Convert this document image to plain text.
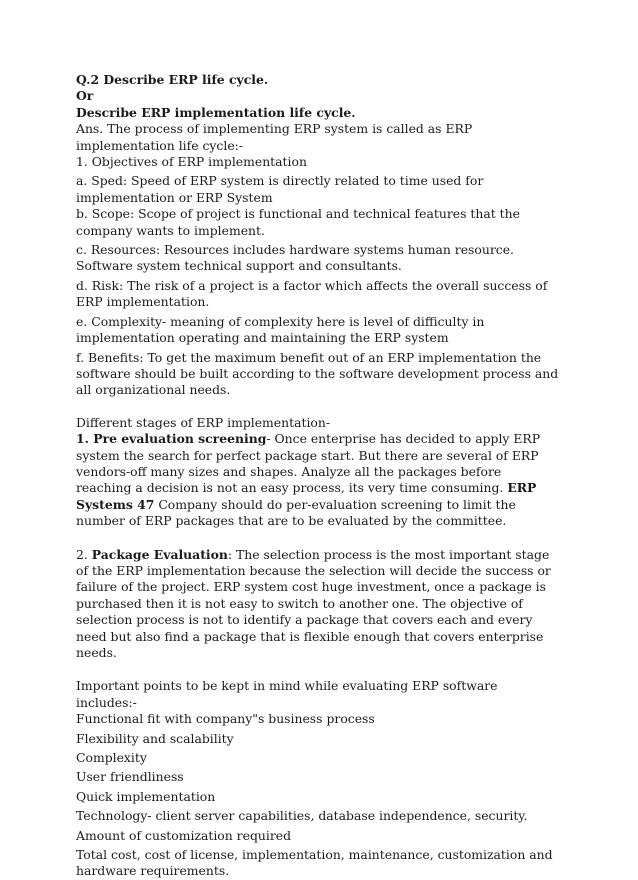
Q.2 Describe ERP life cycle.

Or

Describe ERP implementation life cycle.

Ans. The process of implementing ERP system is called as ERP implementation life cycle:-

1. Objectives of ERP implementation

a. Sped: Speed of ERP system is directly related to time used for implementation or ERP System

b. Scope: Scope of project is functional and technical features that the company wants to implement.

c. Resources: Resources includes hardware systems human resource. Software system technical support and consultants.

d. Risk: The risk of a project is a factor which affects the overall success of ERP implementation.

e. Complexity- meaning of complexity here is level of difficulty in implementation operating and maintaining the ERP system

f. Benefits: To get the maximum benefit out of an ERP implementation the software should be built according to the software development process and all organizational needs.

Different stages of ERP implementation-

1. Pre evaluation screening- Once enterprise has decided to apply ERP system the search for perfect package start. But there are several of ERP vendors-off many sizes and shapes. Analyze all the packages before reaching a decision is not an easy process, its very time consuming. ERP Systems 47 Company should do per-evaluation screening to limit the number of ERP packages that are to be evaluated by the committee.

2. Package Evaluation: The selection process is the most important stage of the ERP implementation because the selection will decide the success or failure of the project. ERP system cost huge investment, once a package is purchased then it is not easy to switch to another one. The objective of selection process is not to identify a package that covers each and every need but also find a package that is flexible enough that covers enterprise needs.

Important points to be kept in mind while evaluating ERP software includes:-

Functional fit with company"s business process

Flexibility and scalability

Complexity

User friendliness

Quick implementation

Technology- client server capabilities, database independence, security.

Amount of customization required

Total cost, cost of license, implementation, maintenance, customization and hardware requirements.
